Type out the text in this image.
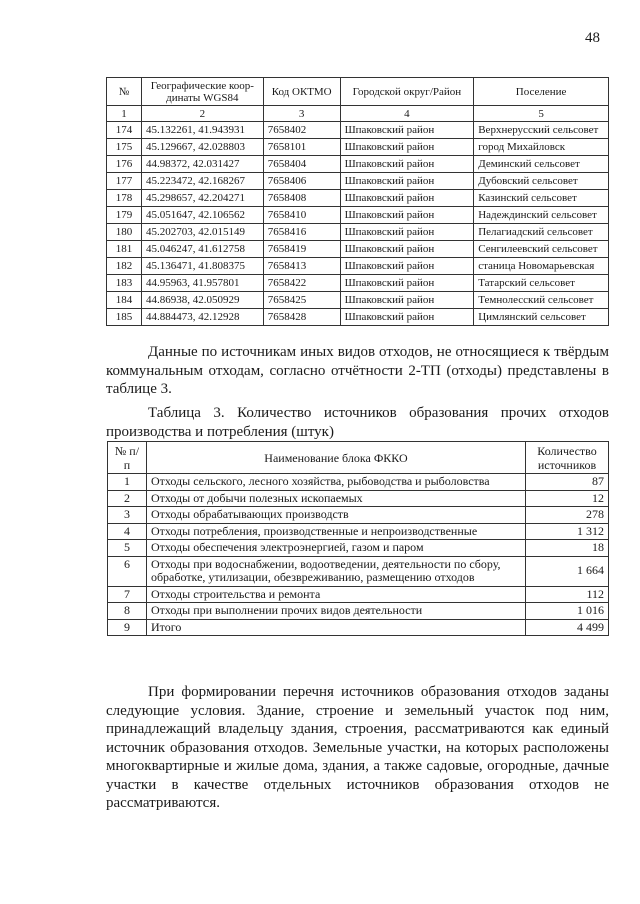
48
№	Географические коор-динаты WGS84	Код ОКТМО	Городской округ/Район	Поселение
1	2	3	4	5
174	45.132261, 41.943931	7658402	Шпаковский район	Верхнерусский сельсовет
175	45.129667, 42.028803	7658101	Шпаковский район	город Михайловск
176	44.98372, 42.031427	7658404	Шпаковский район	Деминский сельсовет
177	45.223472, 42.168267	7658406	Шпаковский район	Дубовский сельсовет
178	45.298657, 42.204271	7658408	Шпаковский район	Казинский сельсовет
179	45.051647, 42.106562	7658410	Шпаковский район	Надеждинский сельсовет
180	45.202703, 42.015149	7658416	Шпаковский район	Пелагиадский сельсовет
181	45.046247, 41.612758	7658419	Шпаковский район	Сенгилеевский сельсовет
182	45.136471, 41.808375	7658413	Шпаковский район	станица Новомарьевская
183	44.95963, 41.957801	7658422	Шпаковский район	Татарский сельсовет
184	44.86938, 42.050929	7658425	Шпаковский район	Темнолесский сельсовет
185	44.884473, 42.12928	7658428	Шпаковский район	Цимлянский сельсовет
Данные по источникам иных видов отходов, не относящиеся к твёрдым коммунальным отходам, согласно отчётности 2-ТП (отходы) представлены в таблице 3.
Таблица 3. Количество источников образования прочих отходов производства и потребления (штук)
№ п/п	Наименование блока ФККО	Количество источников
1	Отходы сельского, лесного хозяйства, рыбоводства и рыболовства	87
2	Отходы от добычи полезных ископаемых	12
3	Отходы обрабатывающих производств	278
4	Отходы потребления, производственные и непроизводственные	1 312
5	Отходы обеспечения электроэнергией, газом и паром	18
6	Отходы при водоснабжении, водоотведении, деятельности по сбору, обработке, утилизации, обезвреживанию, размещению отходов	1 664
7	Отходы строительства и ремонта	112
8	Отходы при выполнении прочих видов деятельности	1 016
9	Итого	4 499
При формировании перечня источников образования отходов заданы следующие условия. Здание, строение и земельный участок под ним, принадлежащий владельцу здания, строения, рассматриваются как единый источник образования отходов. Земельные участки, на которых расположены многоквартирные и жилые дома, здания, а также садовые, огородные, дачные участки в качестве отдельных источников образования отходов не рассматриваются.
